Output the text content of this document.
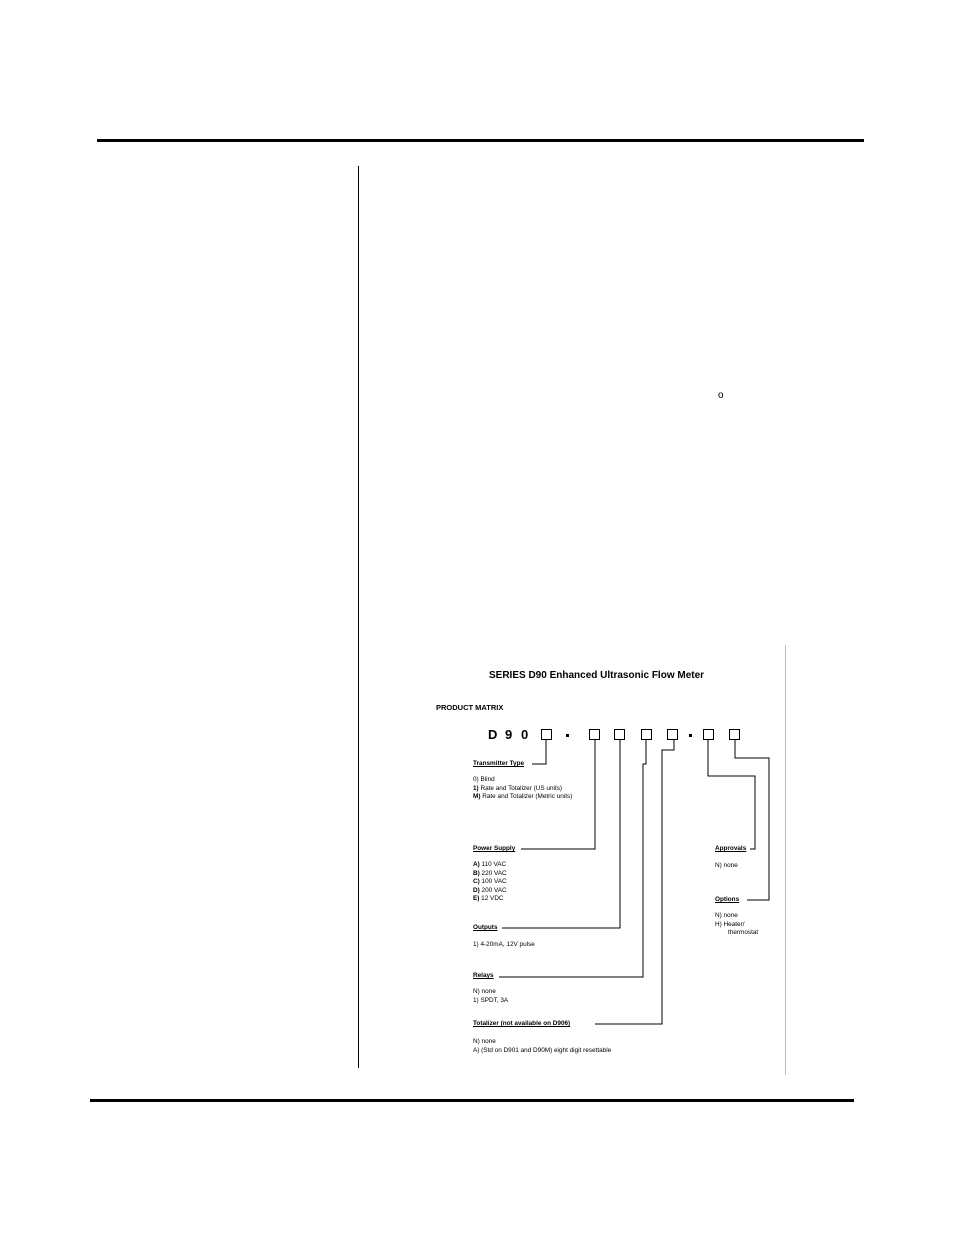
o
SERIES D90 Enhanced Ultrasonic Flow Meter
PRODUCT MATRIX
D 9 0
Transmitter Type
0) Blind
1) Rate and Totalizer (US units)
M) Rate and Totalizer (Metric units)
Power Supply
A) 110 VAC
B) 220 VAC
C) 100 VAC
D) 200 VAC
E) 12 VDC
Outputs
1) 4-20mA, 12V pulse
Relays
N) none
1) SPDT, 3A
Totalizer (not available on D906)
N) none
A) (Std on D901 and D90M) eight digit resettable
Approvals
N) none
Options
N) none
H) Heater/
thermostat
